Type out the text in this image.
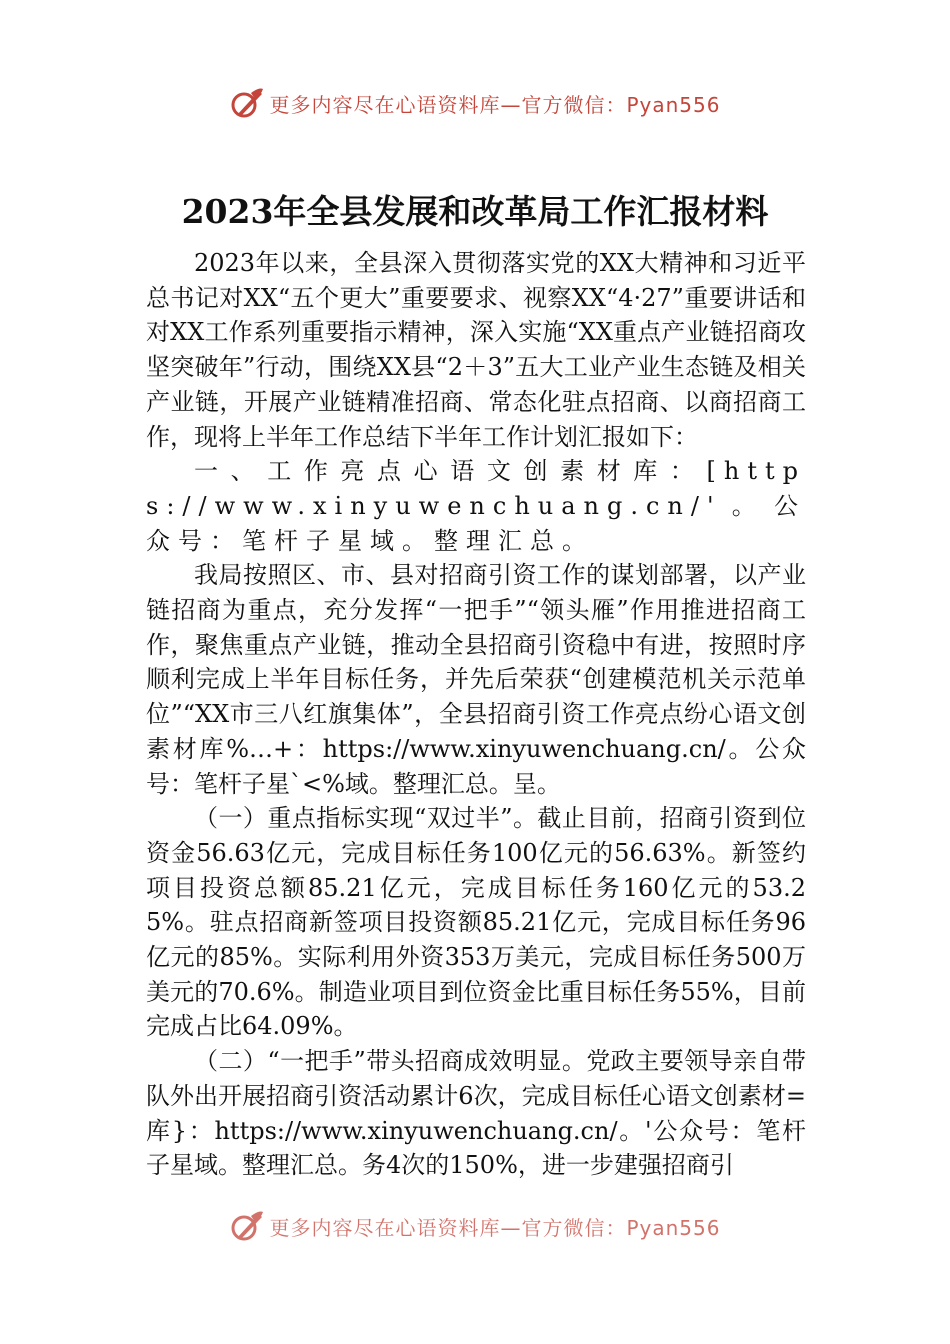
更多内容尽在心语资料库—官方微信：Pyan556
2023年全县发展和改革局工作汇报材料

2023年以来，全县深入贯彻落实党的XX大精神和习近平总书记对XX“五个更大”重要要求、视察XX“4·27”重要讲话和对XX工作系列重要指示精神，深入实施“XX重点产业链招商攻坚突破年”行动，围绕XX县“2＋3”五大工业产业生态链及相关产业链，开展产业链精准招商、常态化驻点招商、以商招商工作，现将上半年工作总结下半年工作计划汇报如下：

一、工作亮点心语文创素材库：[https://www.xinyuwenchuang.cn/'。公众号：笔杆子星域。整理汇总。

我局按照区、市、县对招商引资工作的谋划部署，以产业链招商为重点，充分发挥“一把手”“领头雁”作用推进招商工作，聚焦重点产业链，推动全县招商引资稳中有进，按照时序顺利完成上半年目标任务，并先后荣获“创建模范机关示范单位”“XX市三八红旗集体”，全县招商引资工作亮点纷心语文创素材库%…+：https://www.xinyuwenchuang.cn/。公众号：笔杆子星`<%域。整理汇总。呈。

（一）重点指标实现“双过半”。截止目前，招商引资到位资金56.63亿元，完成目标任务100亿元的56.63%。新签约项目投资总额85.21亿元，完成目标任务160亿元的53.25%。驻点招商新签项目投资额85.21亿元，完成目标任务96亿元的85%。实际利用外资353万美元，完成目标任务500万美元的70.6%。制造业项目到位资金比重目标任务55%，目前完成占比64.09%。

（二）“一把手”带头招商成效明显。党政主要领导亲自带队外出开展招商引资活动累计6次，完成目标任心语文创素材=库}：https://www.xinyuwenchuang.cn/。'公众号：笔杆子星域。整理汇总。务4次的150%，进一步建强招商引

更多内容尽在心语资料库—官方微信：Pyan556
